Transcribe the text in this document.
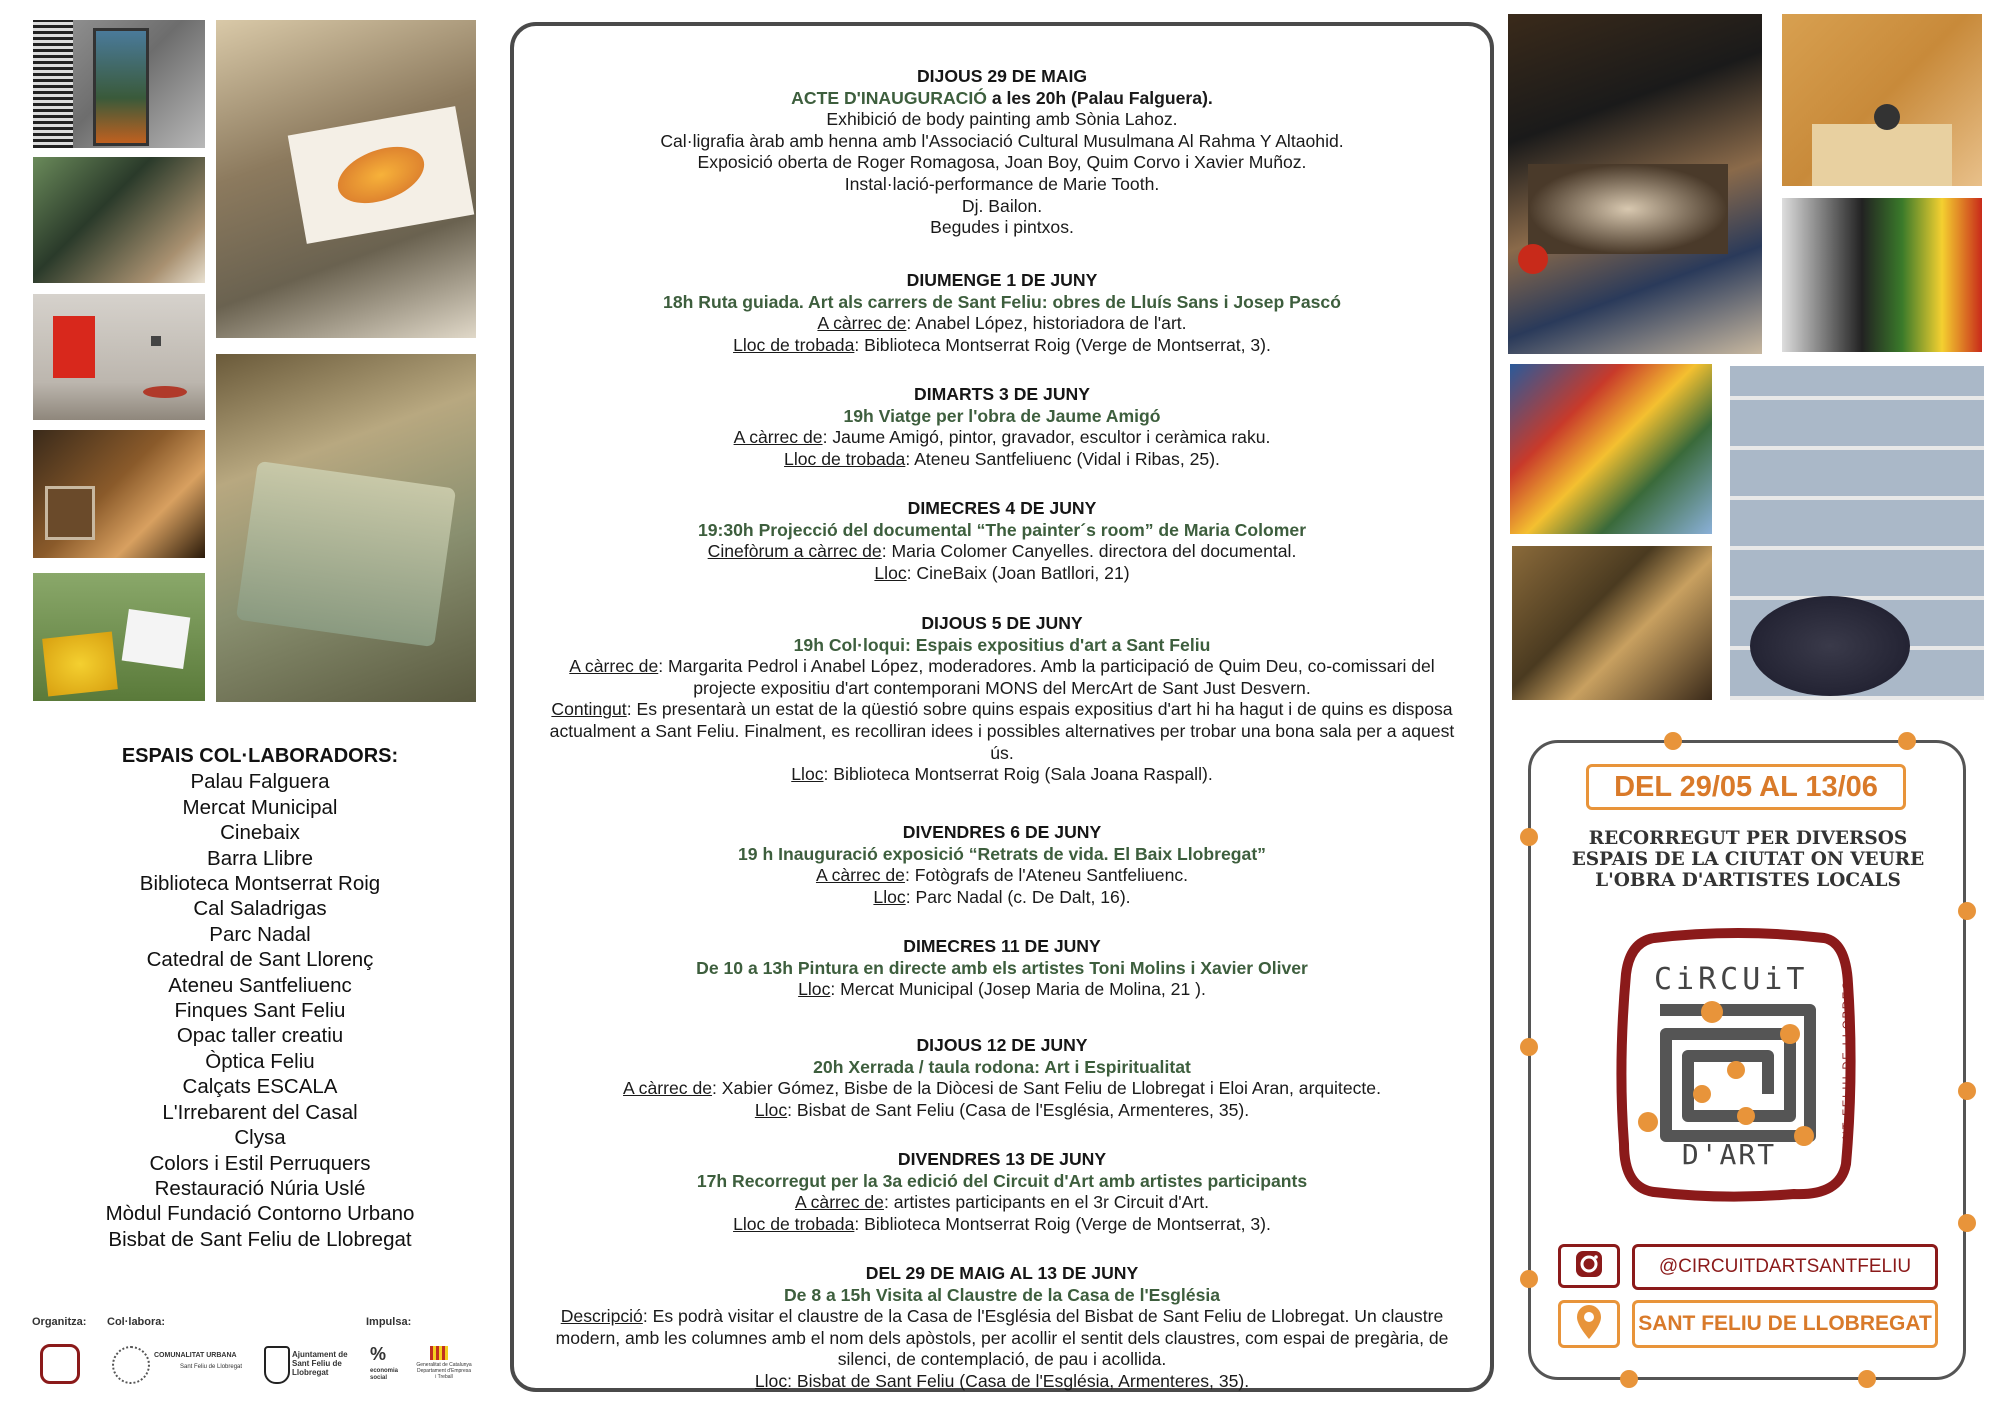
ESPAIS COL·LABORADORS:
Palau Falguera
Mercat Municipal
Cinebaix
Barra Llibre
Biblioteca Montserrat Roig
Cal Saladrigas
Parc Nadal
Catedral de Sant Llorenç
Ateneu Santfeliuenc
Finques Sant Feliu
Opac taller creatiu
Òptica Feliu
Calçats ESCALA
L'Irrebarent del Casal
Clysa
Colors i Estil Perruquers
Restauració Núria Uslé
Mòdul Fundació Contorno Urbano
Bisbat de Sant Feliu de Llobregat
Organitza: Col·labora:	Impulsa:
COMUNALITAT URBANA
Sant Feliu de Llobregat
Ajuntament de Sant Feliu de Llobregat
%
economia social
Generalitat de Catalunya Departament d'Empresa i Treball
DIJOUS 29 DE MAIG
ACTE D'INAUGURACIÓ a les 20h (Palau Falguera).
Exhibició de body painting amb Sònia Lahoz.
Cal·ligrafia àrab amb henna amb l'Associació Cultural Musulmana Al Rahma Y Altaohid.
Exposició oberta de Roger Romagosa, Joan Boy, Quim Corvo i Xavier Muñoz.
Instal·lació-performance de Marie Tooth.
Dj. Bailon.
Begudes i pintxos.
DIUMENGE 1 DE JUNY
18h Ruta guiada. Art als carrers de Sant Feliu: obres de Lluís Sans i Josep Pascó
A càrrec de: Anabel López, historiadora de l'art.
Lloc de trobada: Biblioteca Montserrat Roig (Verge de Montserrat, 3).
DIMARTS 3 DE JUNY
19h Viatge per l'obra de Jaume Amigó
A càrrec de: Jaume Amigó, pintor, gravador, escultor i ceràmica raku.
Lloc de trobada: Ateneu Santfeliuenc (Vidal i Ribas, 25).
DIMECRES 4 DE JUNY
19:30h Projecció del documental “The painter´s room” de Maria Colomer
Cinefòrum a càrrec de: Maria Colomer Canyelles. directora del documental.
Lloc: CineBaix (Joan Batllori, 21)
DIJOUS 5 DE JUNY
19h Col·loqui: Espais expositius d'art a Sant Feliu
A càrrec de: Margarita Pedrol i Anabel López, moderadores. Amb la participació de Quim Deu, co-comissari del projecte expositiu d'art contemporani MONS del MercArt de Sant Just Desvern.
Contingut: Es presentarà un estat de la qüestió sobre quins espais expositius d'art hi ha hagut i de quins es disposa actualment a Sant Feliu. Finalment, es recolliran idees i possibles alternatives per trobar una bona sala per a aquest ús.
Lloc: Biblioteca Montserrat Roig (Sala Joana Raspall).
DIVENDRES 6 DE JUNY
19 h Inauguració exposició “Retrats de vida. El Baix Llobregat”
A càrrec de: Fotògrafs de l'Ateneu Santfeliuenc.
Lloc: Parc Nadal (c. De Dalt, 16).
DIMECRES 11 DE JUNY
De 10 a 13h Pintura en directe amb els artistes Toni Molins i Xavier Oliver
Lloc: Mercat Municipal (Josep Maria de Molina, 21 ).
DIJOUS 12 DE JUNY
20h Xerrada / taula rodona: Art i Espiritualitat
A càrrec de: Xabier Gómez, Bisbe de la Diòcesi de Sant Feliu de Llobregat i Eloi Aran, arquitecte.
Lloc: Bisbat de Sant Feliu (Casa de l'Església, Armenteres, 35).
DIVENDRES 13 DE JUNY
17h Recorregut per la 3a edició del Circuit d'Art amb artistes participants
A càrrec de: artistes participants en el 3r Circuit d'Art.
Lloc de trobada: Biblioteca Montserrat Roig (Verge de Montserrat, 3).
DEL 29 DE MAIG AL 13 DE JUNY
De 8 a 15h Visita al Claustre de la Casa de l'Església
Descripció: Es podrà visitar el claustre de la Casa de l'Església del Bisbat de Sant Feliu de Llobregat. Un claustre modern, amb les columnes amb el nom dels apòstols, per acollir el sentit dels claustres, com espai de pregària, de silenci, de contemplació, de pau i acollida.
Lloc: Bisbat de Sant Feliu (Casa de l'Església, Armenteres, 35).
DEL 29/05 AL 13/06
RECORREGUT PER DIVERSOS ESPAIS DE LA CIUTAT ON VEURE L'OBRA D'ARTISTES LOCALS
CiRCUiT
D'ART	SANT FELIU DE LLOBREGAT
@CIRCUITDARTSANTFELIU
SANT FELIU DE LLOBREGAT
